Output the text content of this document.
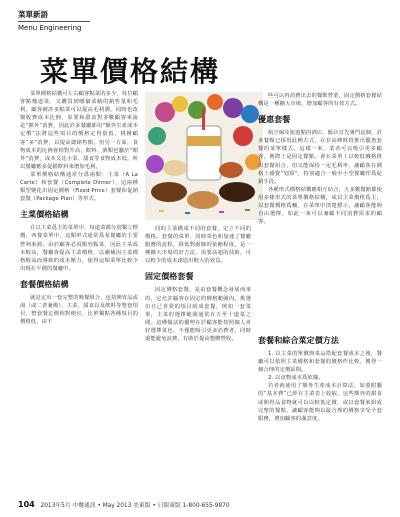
菜單新語
Menu Engineering
菜單價格結構

菜單價格結構可左右顧客點菜的多少，每位顧客點幾道菜、又購買到哪個菜餚的銷售量和毛利。顧客被許多點菜可以提高毛利潤，同時也改變收費成本比例，原要和甜食對多數顧客來說是“額外”消費，因此許多餐廳都用“額外生產成本定價”法將這些項目的價格定得很低，挑撥顧客“多”消費，以提高總銷售額。但另一方面，食物成本的比例會相對升高，飲料、酒類也屬於“額外”消費，成本又比小菜、甜食等食物成本低，所以餐廳應多促銷飲料來增加毛利。

菜單價格結構通常分爲兩類：主菜（A La Carte）和套餐（Complete Dinner），這兩種類型變化出固定價格（Fixed-Price）套餐和促銷套餐（Package Plan）等形式。

主菜價格結構

在以主菜爲主的菜單中，每道菜都分別獨立標價，西餐菜單中，這類形式通常爲某餐廳的主要營利來源。由於顧客必須額外點菜，因此主菜成本較高，餐廳會提高主菜價格，以彌補因主菜價格較高而導致的成本壓力，使得這類菜單比較少出現在平價的餐廳中。

套餐價格結構

就是定出一套完整的晚餐組合，包括開胃品或湯（或二者兼備）、主菜、甜食以及飲料等整套項目，整套餐定價相對便宜，比單獨點各種項目的價格低，由不

些可以再消費出去的餐飲營業，固定價格套餐結構是一種擴大市場、增加顧客的有效方式。

優惠套餐

航空線及旅遊點的酒店、飯店首先專門這個，許多餐館已採用此種方式，在非高峰時段推出優惠套餐的菜單樣式，這樣一來，業者可以吸引更多顧客。實際上是固定餐點，會在菜單上以較低價格推出套餐組合，但又能保持一定毛利率，讓顧客在價格上感覺“划算”，特別適合一般中小型餐廳作爲促銷手段。

各種形式價格結構應相互結合，大多數餐館都使用多樣形式的菜單價格結構，或以主菜價格爲主，以套餐價格爲輔，在菜單中清楚標示，讓顧客能夠自由選擇，如此一來可以兼顧不同消費需求的顧客。

同的主菜構成不同的套餐，定立不同的價格。套餐的菜單，同時菜色和加速了餐廳服務的流程，降低對廚師的依賴程度，是一種擴大市場的好方法，需要高超的技術，可以較少的成本創造出較大的效益。

固定價格套餐

固定價格套餐，是由套餐概念發展而來的，它允許顧客在固定的價格範圍內，挑選出自己喜愛的項目組成套餐，例如一套菜單，主菜的選擇範圍通常在五至十道菜之間。這種做法的優勢在於顧客能按照個人喜好選擇菜色，不僅能吸引更多消費者，同時還能避免浪費，有助於提高整體營收。	套餐和綜合菜定價方法

1. 以主菜的單價與菜品搭配套餐成本之後，餐廳可以依照主菜價格和套餐的價格作比較，獲得一個合理的定價區間。

2. 以食物成本爲依據。

若者就使用了額外生產成本計算法，如要附屬的“基本費”已經在主菜表上收取，這些額外的甜食或開胃品食物就可以以較低定價，或以套餐來組成完整的餐點，讓顧客能夠以最合理的價格享受全套服務，增加顧客的滿意度。

104 2013年5月 中餐通訊 • May 2013 美東版 • 只限東版 1-800-655-9870
